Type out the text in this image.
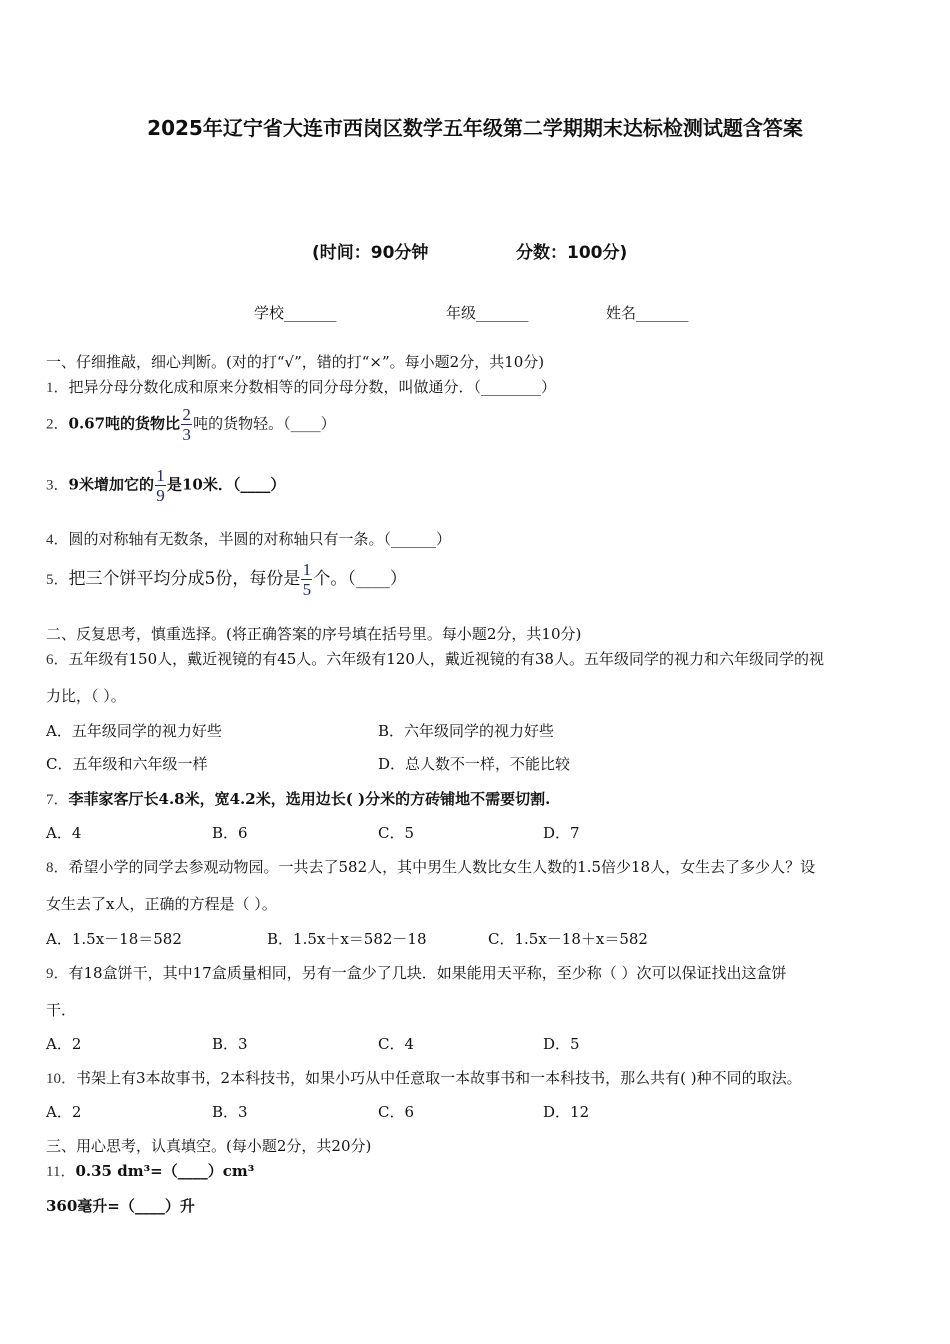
2025年辽宁省大连市西岗区数学五年级第二学期期末达标检测试题含答案
(时间：90分钟	分数：100分)
学校_______	年级_______	姓名_______
一、仔细推敲，细心判断。(对的打“√”，错的打“×”。每小题2分，共10分)
1．把异分母分数化成和原来分数相等的同分母分数，叫做通分．（________）
2．0.67吨的货物比 $\frac{2}{3}$ 吨的货物轻。（____）
3．9米增加它的 $\frac{1}{9}$ 是10米．（____）
4．圆的对称轴有无数条，半圆的对称轴只有一条。（______）
5．把三个饼平均分成5份，每份是 $\frac{1}{5}$ 个。（____）
二、反复思考，慎重选择。(将正确答案的序号填在括号里。每小题2分，共10分)
6．五年级有150人，戴近视镜的有45人。六年级有120人，戴近视镜的有38人。五年级同学的视力和六年级同学的视
力比，（ ）。
A．五年级同学的视力好些	B．六年级同学的视力好些
C．五年级和六年级一样	D．总人数不一样，不能比较
7．李菲家客厅长4.8米，宽4.2米，选用边长( )分米的方砖铺地不需要切割.
A．4	B．6	C．5	D．7
8．希望小学的同学去参观动物园。一共去了582人，其中男生人数比女生人数的1.5倍少18人，女生去了多少人？设
女生去了x人，正确的方程是（ ）。
A．1.5x－18＝582	B．1.5x＋x＝582－18	C．1.5x－18＋x＝582
9．有18盒饼干，其中17盒质量相同，另有一盒少了几块．如果能用天平称，至少称（ ）次可以保证找出这盒饼
干．
A．2	B．3	C．4	D．5
10．书架上有3本故事书，2本科技书，如果小巧从中任意取一本故事书和一本科技书，那么共有( )种不同的取法。
A．2	B．3	C．6	D．12
三、用心思考，认真填空。(每小题2分，共20分)
11．0.35 dm³=（____）cm³
360毫升=（____）升
